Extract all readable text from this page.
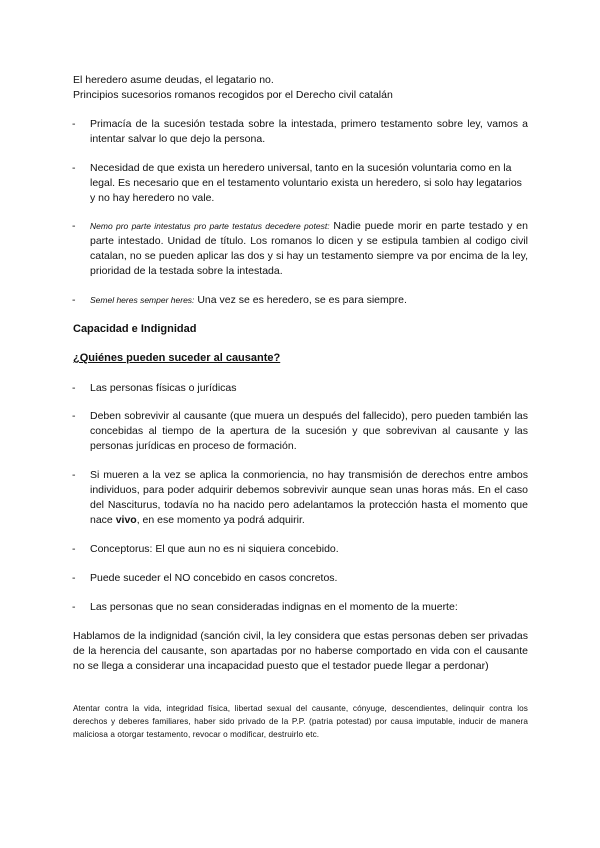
El heredero asume deudas, el legatario no.
Principios sucesorios romanos recogidos por el Derecho civil catalán
- Primacía de la sucesión testada sobre la intestada, primero testamento sobre ley, vamos a intentar salvar lo que dejo la persona.
- Necesidad de que exista un heredero universal, tanto en la sucesión voluntaria como en la legal. Es necesario que en el testamento voluntario exista un heredero, si solo hay legatarios y no hay heredero no vale.
- Nemo pro parte intestatus pro parte testatus decedere potest: Nadie puede morir en parte testado y en parte intestado. Unidad de título. Los romanos lo dicen y se estipula tambien al codigo civil catalan, no se pueden aplicar las dos y si hay un testamento siempre va por encima de la ley, prioridad de la testada sobre la intestada.
- Semel heres semper heres: Una vez se es heredero, se es para siempre.
Capacidad e Indignidad
¿Quiénes pueden suceder al causante?
- Las personas físicas o jurídicas
- Deben sobrevivir al causante (que muera un después del fallecido), pero pueden también las concebidas al tiempo de la apertura de la sucesión y que sobrevivan al causante y las personas jurídicas en proceso de formación.
- Si mueren a la vez se aplica la conmoriencia, no hay transmisión de derechos entre ambos individuos, para poder adquirir debemos sobrevivir aunque sean unas horas más. En el caso del Nasciturus, todavía no ha nacido pero adelantamos la protección hasta el momento que nace vivo, en ese momento ya podrá adquirir.
- Conceptorus: El que aun no es ni siquiera concebido.
- Puede suceder el NO concebido en casos concretos.
- Las personas que no sean consideradas indignas en el momento de la muerte:
Hablamos de la indignidad (sanción civil, la ley considera que estas personas deben ser privadas de la herencia del causante, son apartadas por no haberse comportado en vida con el causante no se llega a considerar una incapacidad puesto que el testador puede llegar a perdonar)
Atentar contra la vida, integridad física, libertad sexual del causante, cónyuge, descendientes, delinquir contra los derechos y deberes familiares, haber sido privado de la P.P. (patria potestad) por causa imputable, inducir de manera maliciosa a otorgar testamento, revocar o modificar, destruirlo etc.
